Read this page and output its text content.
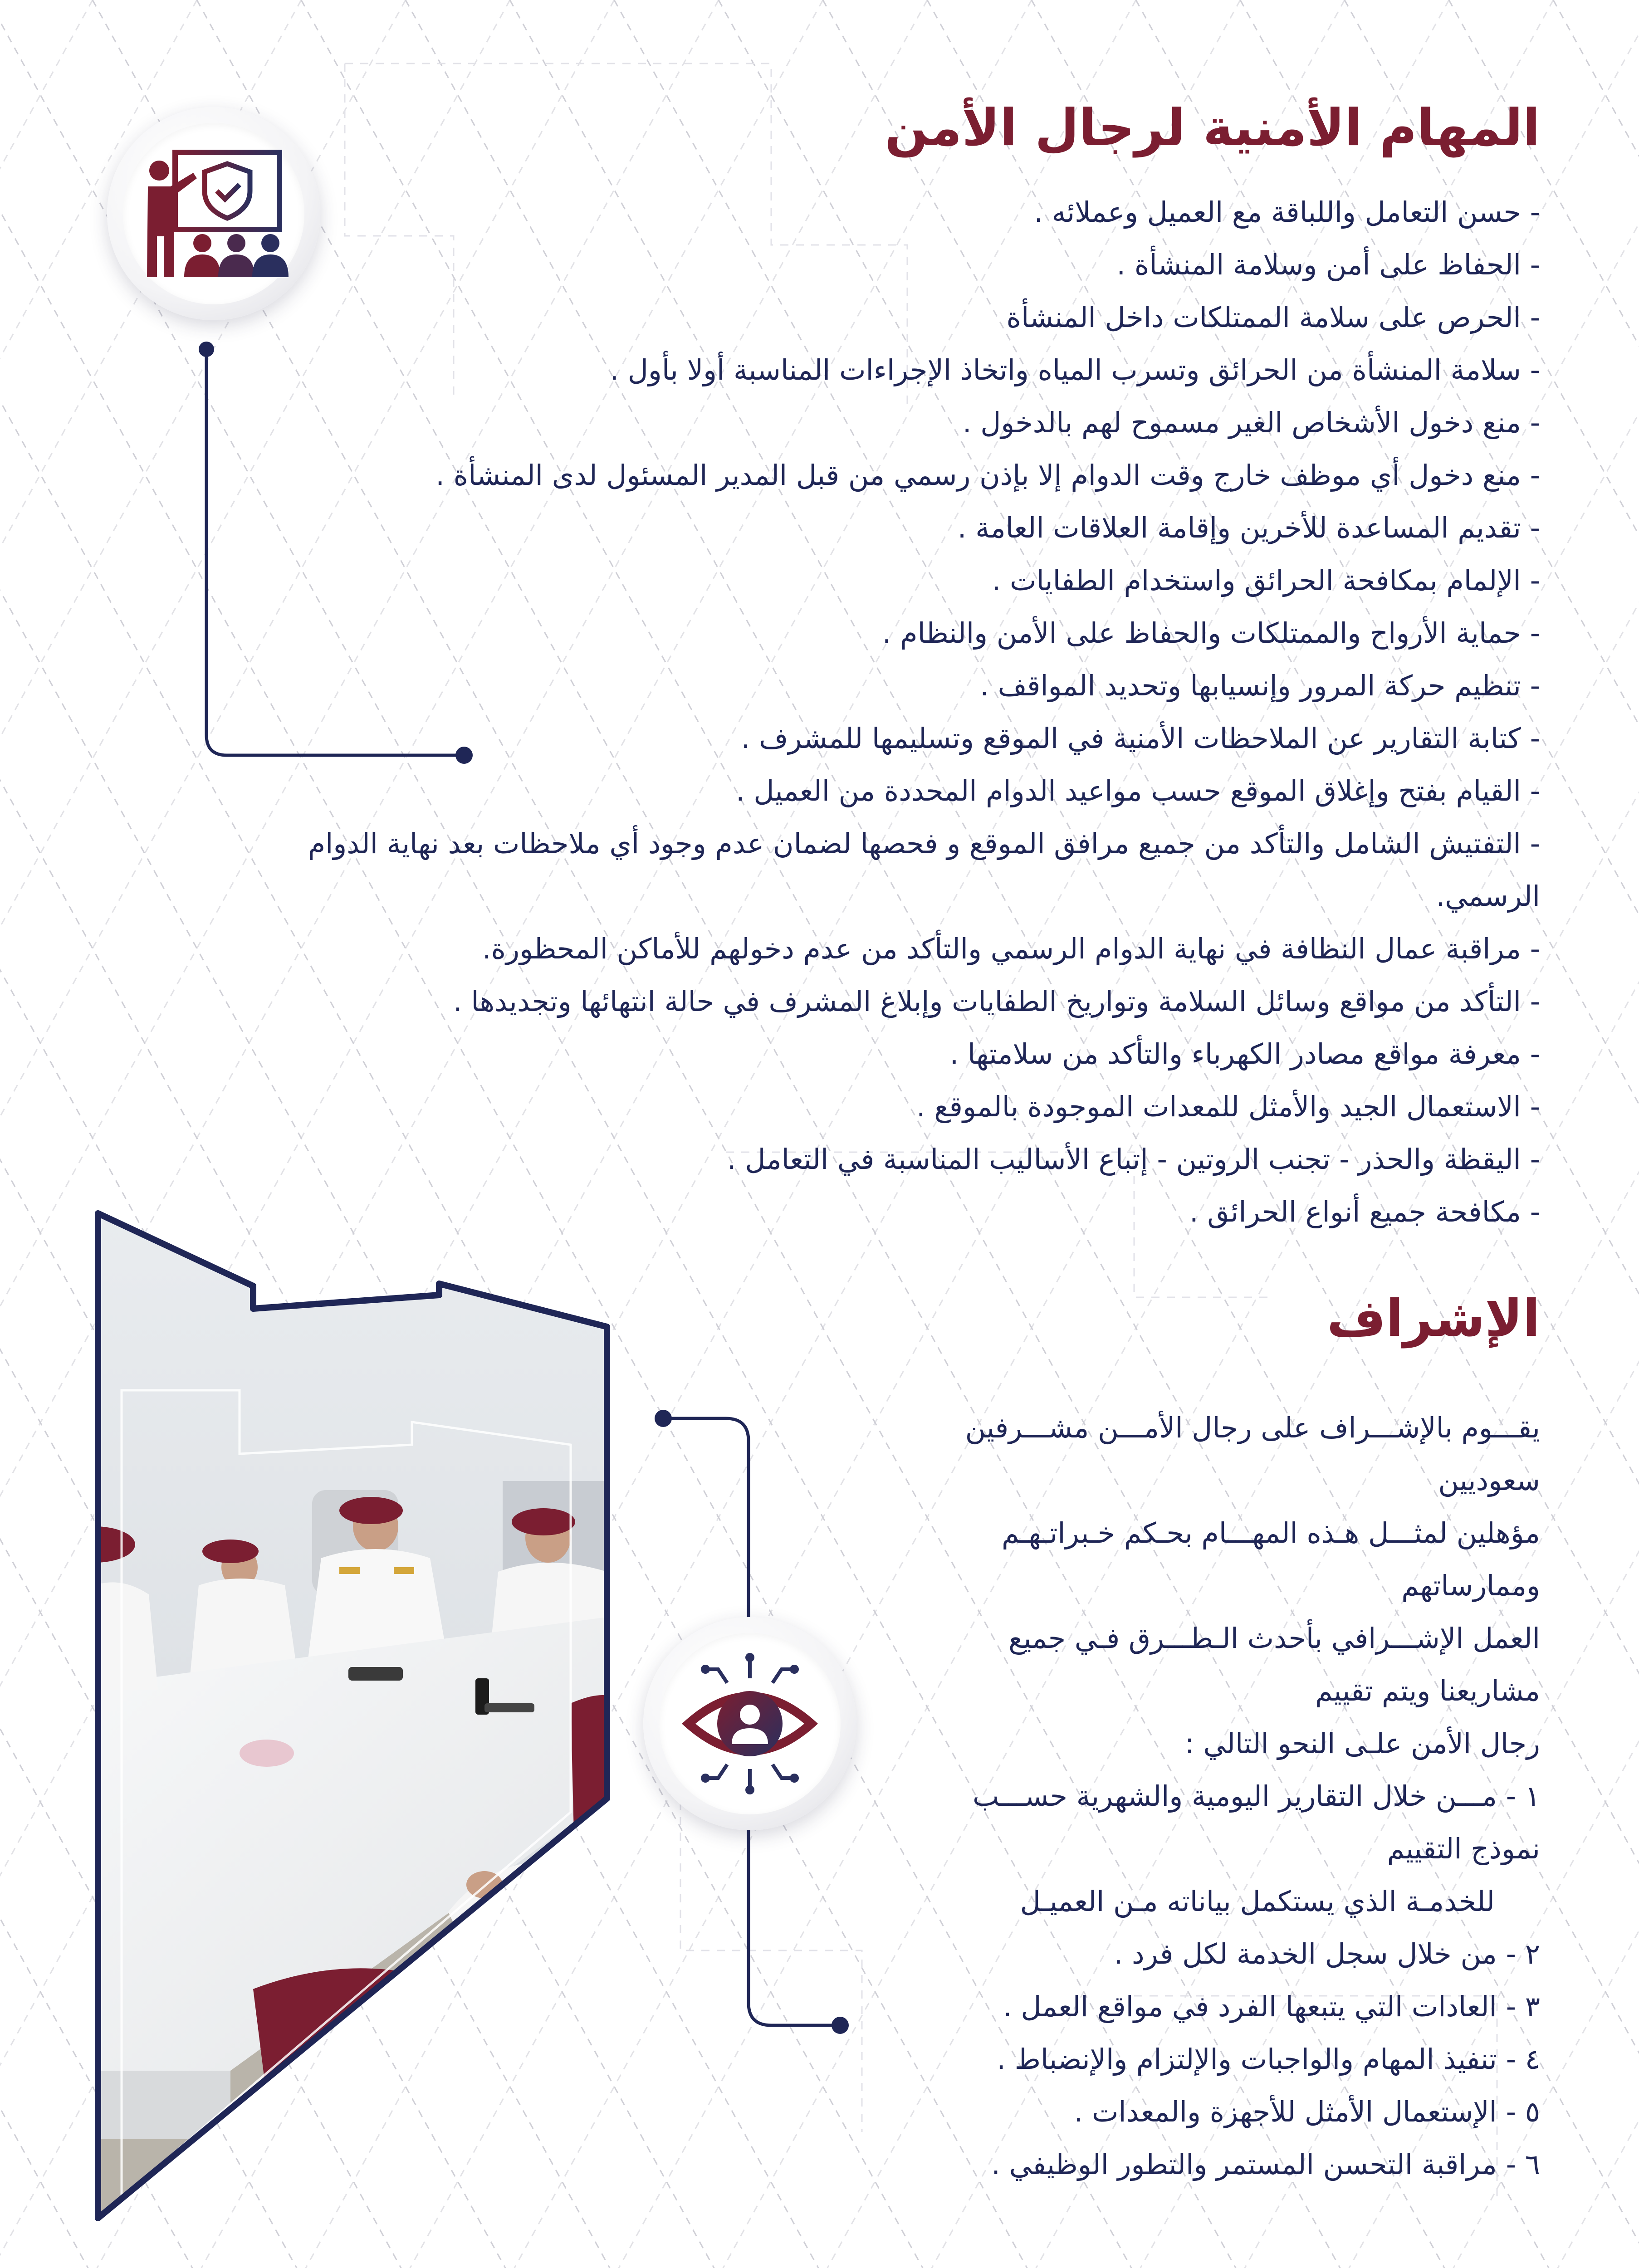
المهام الأمنية لرجال الأمن
- حسن التعامل واللباقة مع العميل وعملائه .
- الحفاظ على أمن وسلامة المنشأة .
- الحرص على سلامة الممتلكات داخل المنشأة
- سلامة المنشأة من الحرائق وتسرب المياه واتخاذ الإجراءات المناسبة أولا بأول .
- منع دخول الأشخاص الغير مسموح لهم بالدخول .
- منع دخول أي موظف خارج وقت الدوام إلا بإذن رسمي من قبل المدير المسئول لدى المنشأة .
- تقديم المساعدة للأخرين وإقامة العلاقات العامة .
- الإلمام بمكافحة الحرائق واستخدام الطفايات .
- حماية الأرواح والممتلكات والحفاظ على الأمن والنظام .
- تنظيم حركة المرور وإنسيابها وتحديد المواقف .
- كتابة التقارير عن الملاحظات الأمنية في الموقع وتسليمها للمشرف .
- القيام بفتح وإغلاق الموقع حسب مواعيد الدوام المحددة من العميل .
- التفتيش الشامل والتأكد من جميع مرافق الموقع و فحصها لضمان عدم وجود أي ملاحظات بعد نهاية الدوام الرسمي.
- مراقبة عمال النظافة في نهاية الدوام الرسمي والتأكد من عدم دخولهم للأماكن المحظورة.
- التأكد من مواقع وسائل السلامة وتواريخ الطفايات وإبلاغ المشرف في حالة انتهائها وتجديدها .
- معرفة مواقع مصادر الكهرباء والتأكد من سلامتها .
- الاستعمال الجيد والأمثل للمعدات الموجودة بالموقع .
- اليقظة والحذر - تجنب الروتين - إتباع الأساليب المناسبة في التعامل .
- مكافحة جميع أنواع الحرائق .
الإشراف
يقـــوم بالإشـــراف على رجال الأمـــن مشـــرفين
سعوديين
مؤهلين لمثـــل هـذه المهـــام بحـكم خـبراتـهـم
وممارساتهم
العمل الإشـــرافي بأحدث الـطـــرق فـي جميع
مشاريعنا ويتم تقييم
رجال الأمن علـى النحو التالي :
١ - مـــن خلال التقارير اليومية والشهرية حســـب
نموذج التقييم
للخدمـة الذي يستكمل بياناته مـن العميـل
٢ - من خلال سجل الخدمة لكل فرد .
٣ - العادات التي يتبعها الفرد في مواقع العمل .
٤ - تنفيذ المهام والواجبات والإلتزام والإنضباط .
٥ - الإستعمال الأمثل للأجهزة والمعدات .
٦ - مراقبة التحسن المستمر والتطور الوظيفي .
